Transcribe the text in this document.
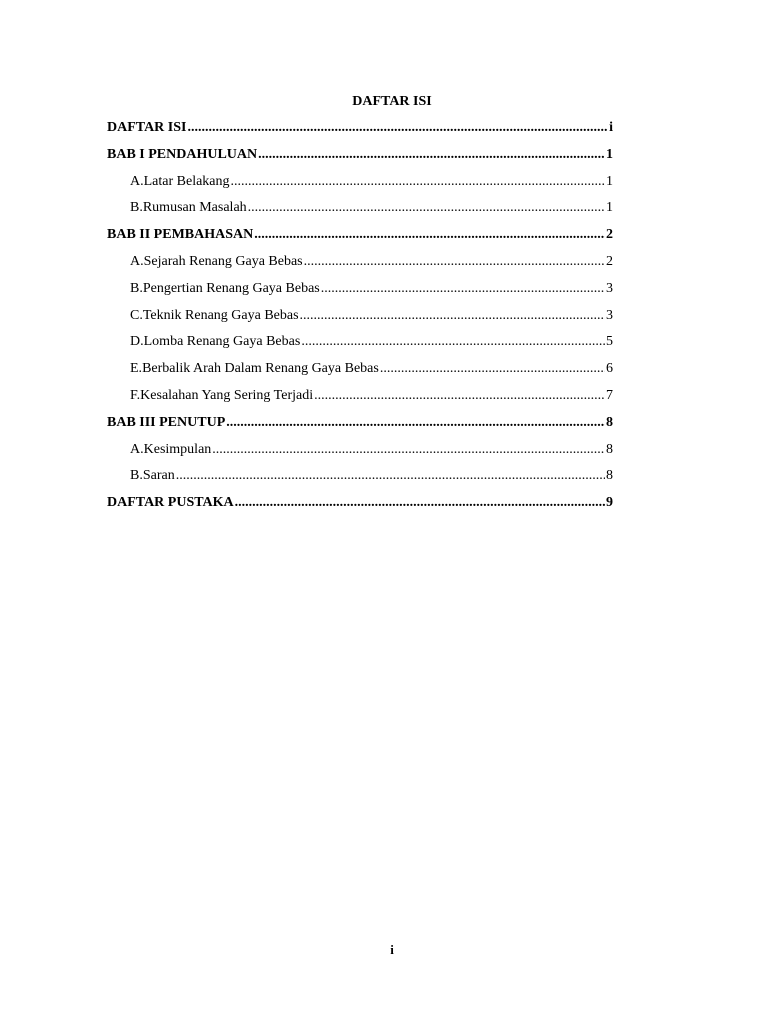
DAFTAR ISI
DAFTAR ISI .....	i
BAB I PENDAHULUAN .....	1
A. Latar Belakang .....	1
B. Rumusan Masalah .....	1
BAB II PEMBAHASAN .....	2
A. Sejarah Renang Gaya Bebas .....	2
B. Pengertian Renang Gaya Bebas .....	3
C. Teknik Renang Gaya Bebas .....	3
D. Lomba Renang Gaya Bebas .....	5
E. Berbalik Arah Dalam Renang Gaya Bebas .....	6
F. Kesalahan Yang Sering Terjadi .....	7
BAB III PENUTUP .....	8
A. Kesimpulan .....	8
B. Saran .....	8
DAFTAR PUSTAKA .....	9
i
